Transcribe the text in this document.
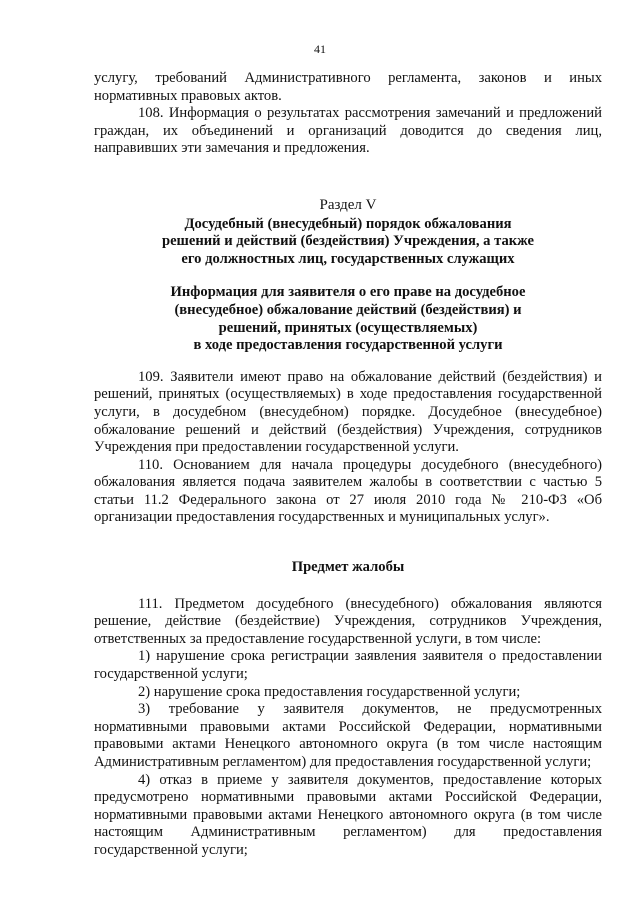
41

услугу, требований Административного регламента, законов и иных нормативных правовых актов.

108. Информация о результатах рассмотрения замечаний и предложений граждан, их объединений и организаций доводится до сведения лиц, направивших эти замечания и предложения.

Раздел V
Досудебный (внесудебный) порядок обжалования
решений и действий (бездействия) Учреждения, а также
его должностных лиц, государственных служащих
Информация для заявителя о его праве на досудебное
(внесудебное) обжалование действий (бездействия) и
решений, принятых (осуществляемых)
в ходе предоставления государственной услуги

109. Заявители имеют право на обжалование действий (бездействия) и решений, принятых (осуществляемых) в ходе предоставления государственной услуги, в досудебном (внесудебном) порядке. Досудебное (внесудебное) обжалование решений и действий (бездействия) Учреждения, сотрудников Учреждения при предоставлении государственной услуги.

110. Основанием для начала процедуры досудебного (внесудебного) обжалования является подача заявителем жалобы в соответствии с частью 5 статьи 11.2 Федерального закона от 27 июля 2010 года № 210-ФЗ «Об организации предоставления государственных и муниципальных услуг».

Предмет жалобы

111. Предметом досудебного (внесудебного) обжалования являются решение, действие (бездействие) Учреждения, сотрудников Учреждения, ответственных за предоставление государственной услуги, в том числе:

1) нарушение срока регистрации заявления заявителя о предоставлении государственной услуги;

2) нарушение срока предоставления государственной услуги;

3) требование у заявителя документов, не предусмотренных нормативными правовыми актами Российской Федерации, нормативными правовыми актами Ненецкого автономного округа (в том числе настоящим Административным регламентом) для предоставления государственной услуги;

4) отказ в приеме у заявителя документов, предоставление которых предусмотрено нормативными правовыми актами Российской Федерации, нормативными правовыми актами Ненецкого автономного округа (в том числе настоящим Административным регламентом) для предоставления государственной услуги;
